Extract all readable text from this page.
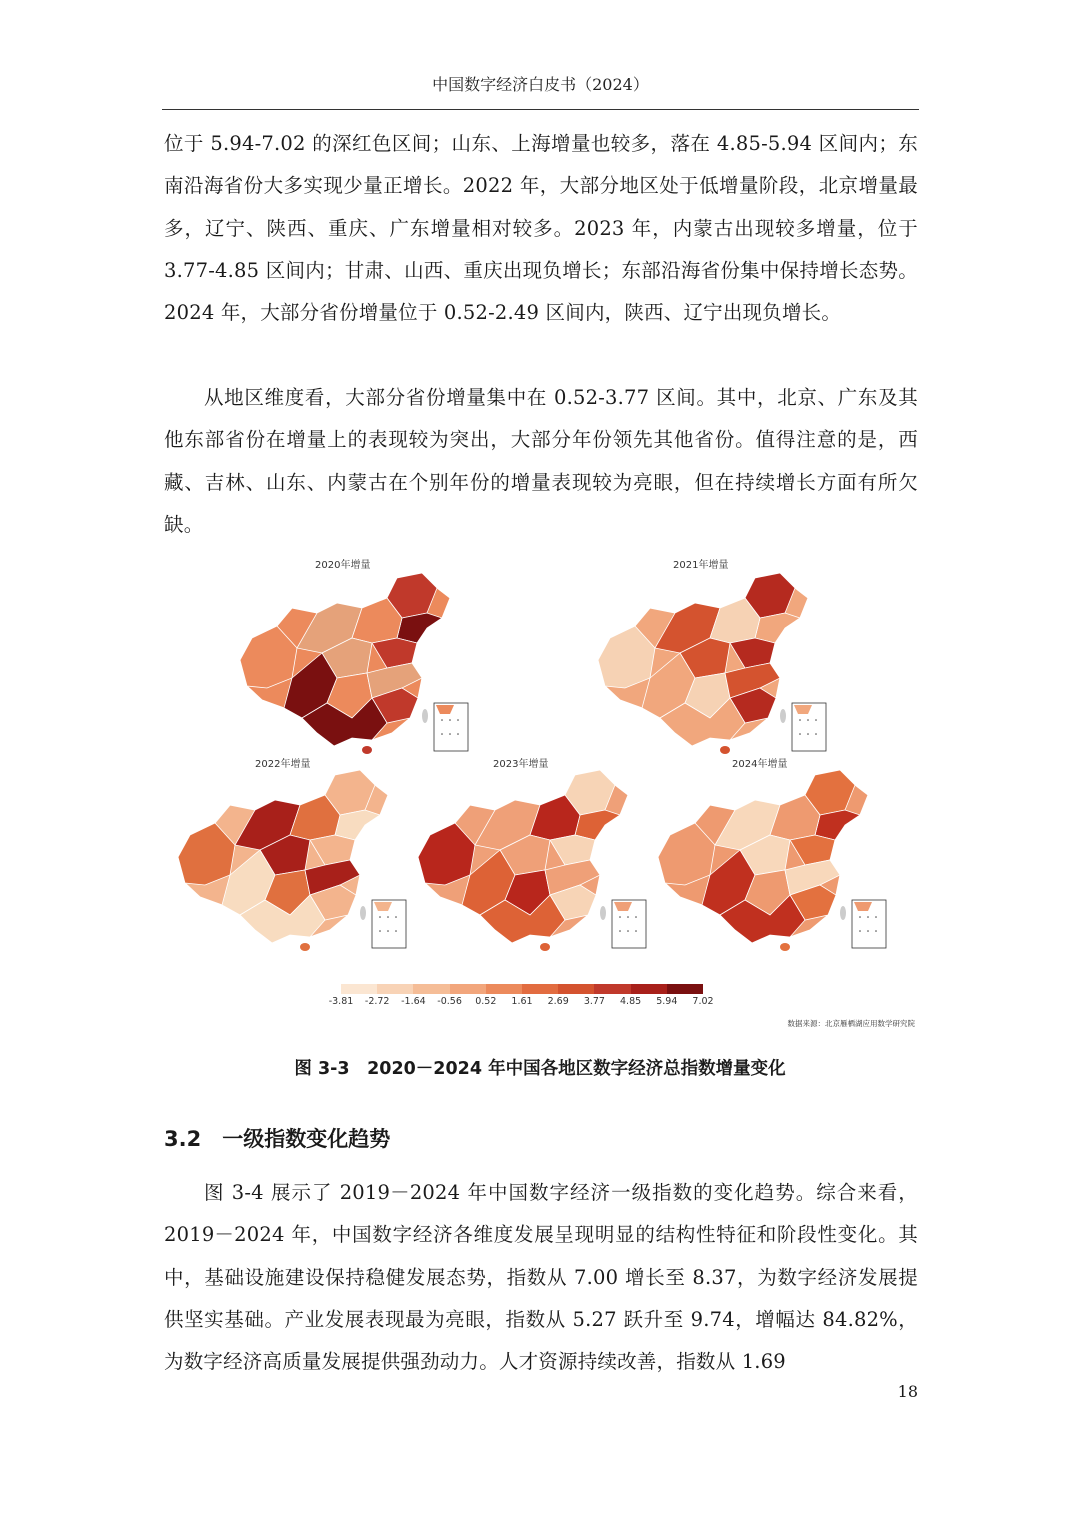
中国数字经济白皮书（2024）

位于 5.94-7.02 的深红色区间；山东、上海增量也较多，落在 4.85-5.94 区间内；东南沿海省份大多实现少量正增长。2022 年，大部分地区处于低增量阶段，北京增量最多，辽宁、陕西、重庆、广东增量相对较多。2023 年，内蒙古出现较多增量，位于 3.77-4.85 区间内；甘肃、山西、重庆出现负增长；东部沿海省份集中保持增长态势。2024 年，大部分省份增量位于 0.52-2.49 区间内，陕西、辽宁出现负增长。

从地区维度看，大部分省份增量集中在 0.52-3.77 区间。其中，北京、广东及其他东部省份在增量上的表现较为突出，大部分年份领先其他省份。值得注意的是，西藏、吉林、山东、内蒙古在个别年份的增量表现较为亮眼，但在持续增长方面有所欠缺。

2020年增量	2021年增量
2022年增量	2023年增量	2024年增量
-3.81 -2.72 -1.64 -0.56 0.52 1.61 2.69 3.77 4.85 5.94 7.02
数据来源：北京雁栖湖应用数学研究院
图 3-3　2020－2024 年中国各地区数字经济总指数增量变化
3.2　一级指数变化趋势

图 3-4 展示了 2019－2024 年中国数字经济一级指数的变化趋势。综合来看，2019－2024 年，中国数字经济各维度发展呈现明显的结构性特征和阶段性变化。其中，基础设施建设保持稳健发展态势，指数从 7.00 增长至 8.37，为数字经济发展提供坚实基础。产业发展表现最为亮眼，指数从 5.27 跃升至 9.74，增幅达 84.82%，为数字经济高质量发展提供强劲动力。人才资源持续改善，指数从 1.69

18
